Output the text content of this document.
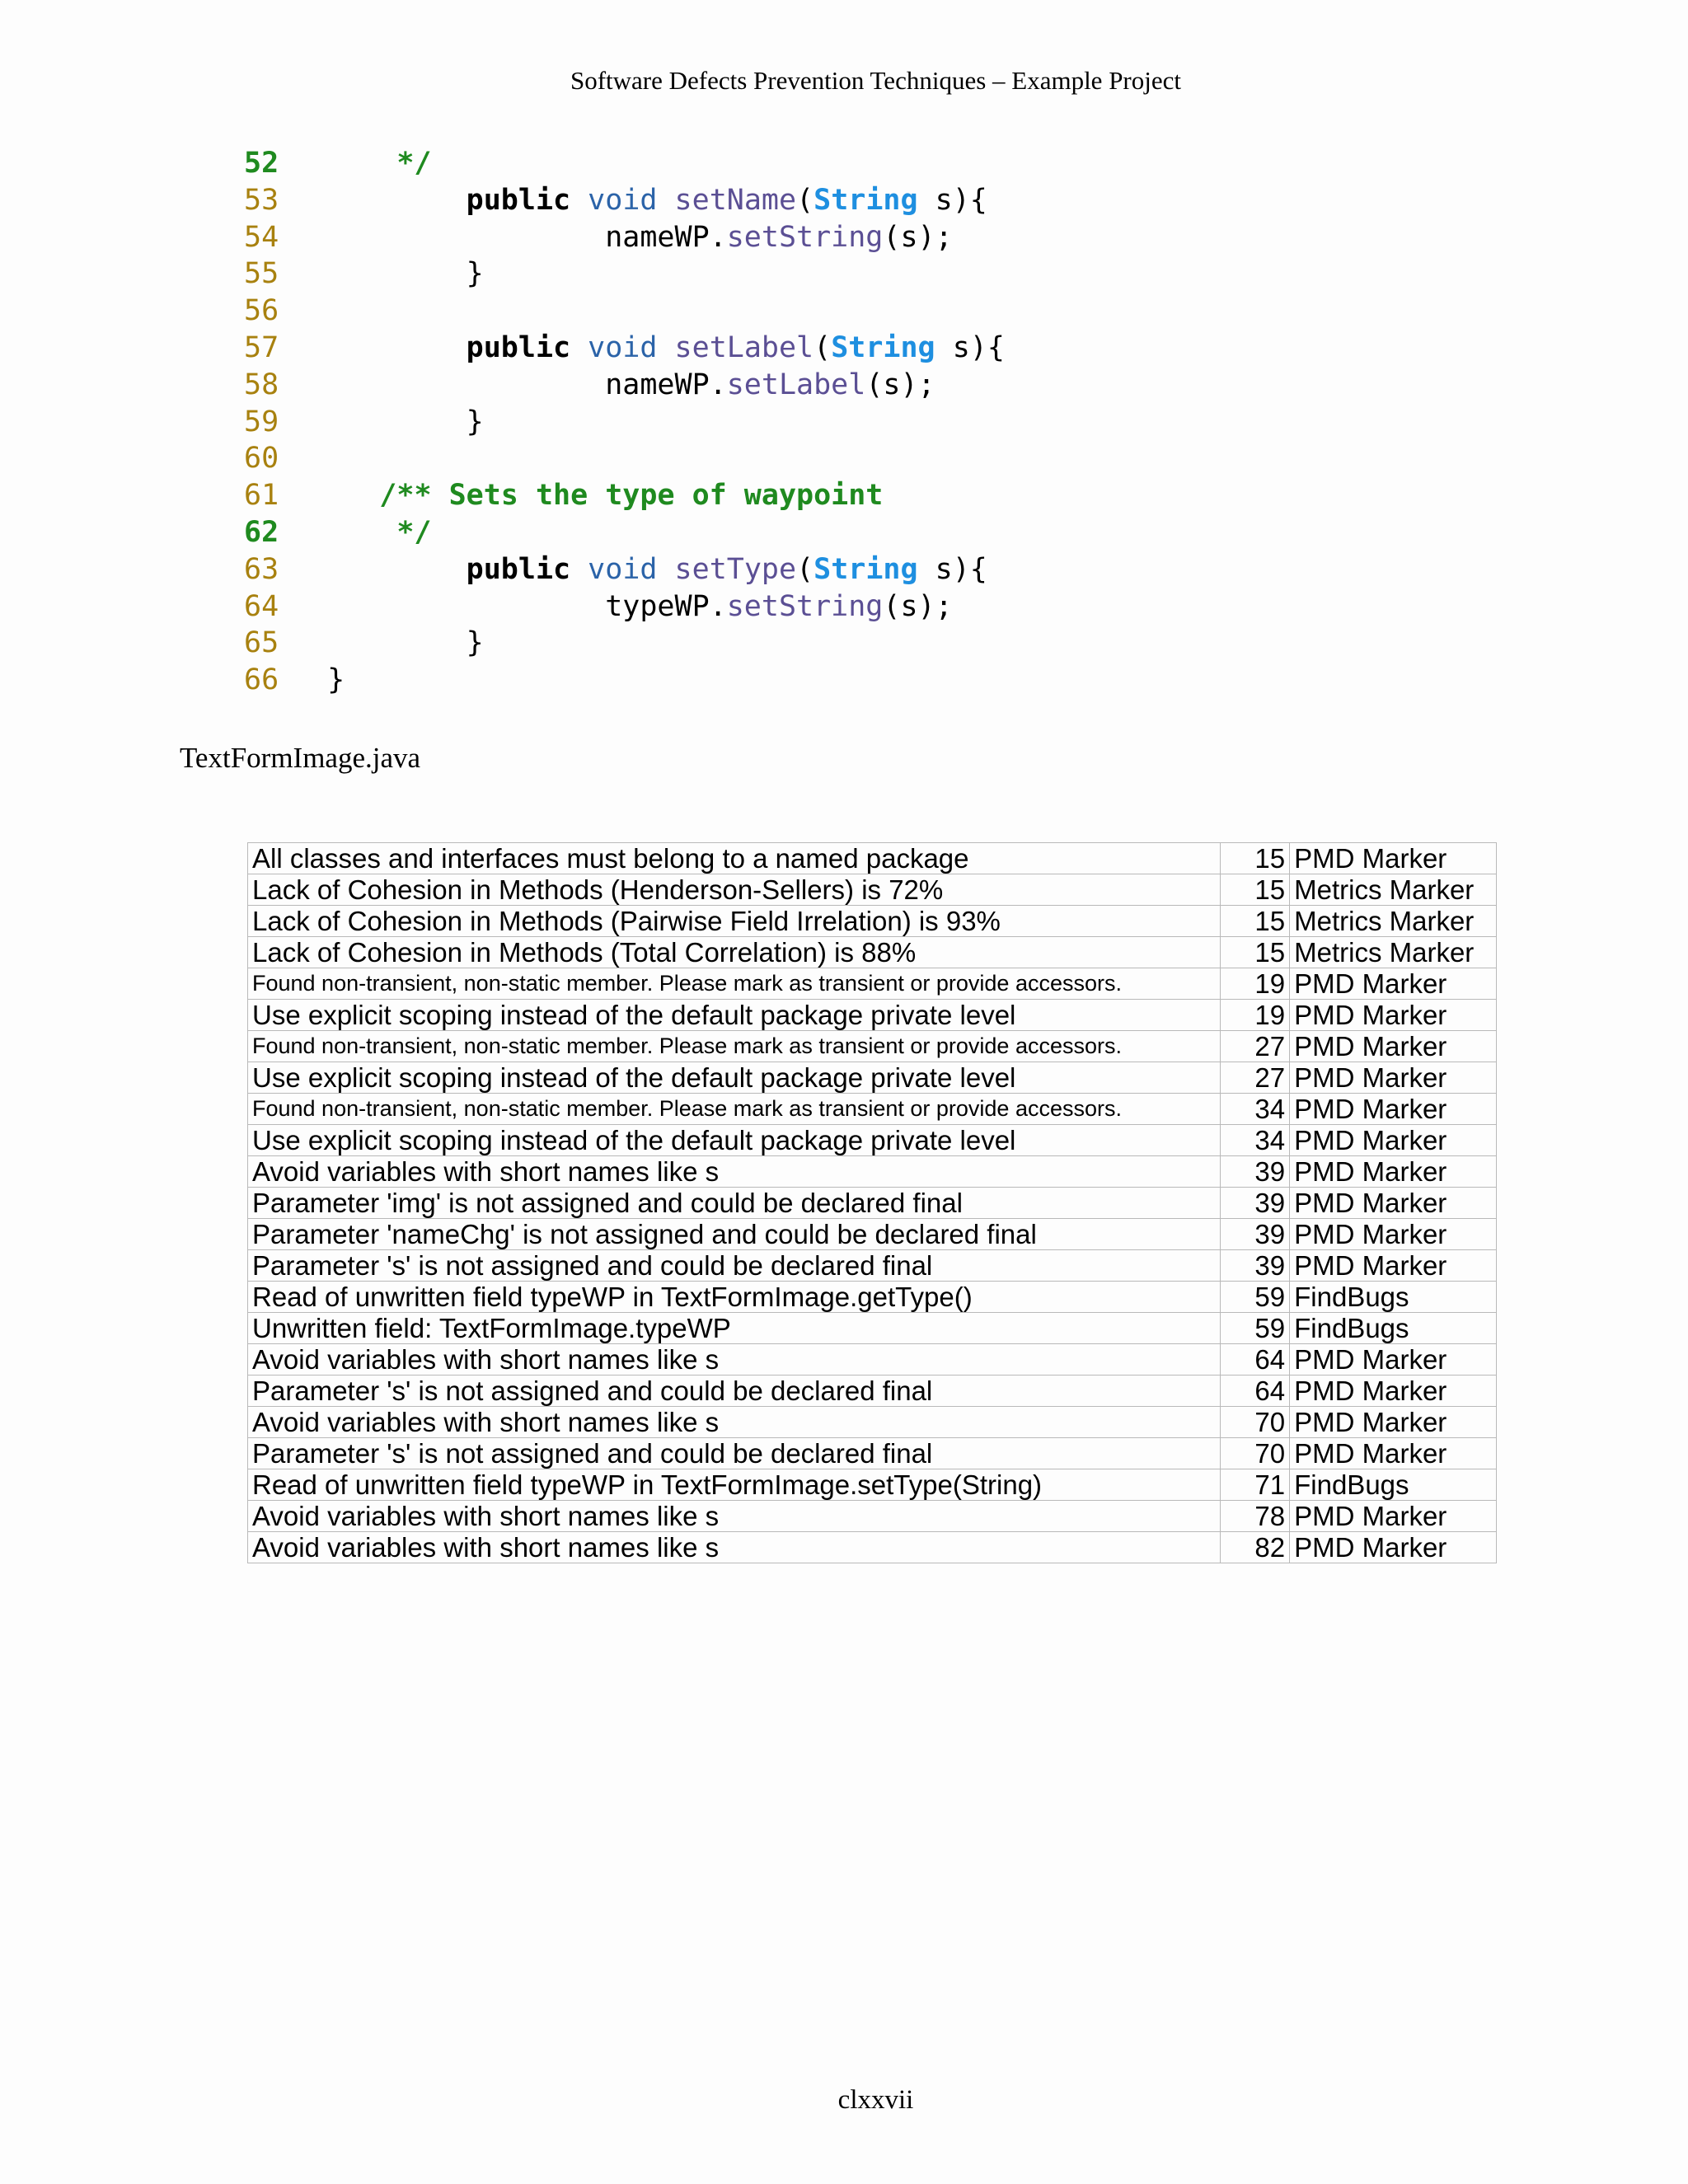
Software Defects Prevention Techniques – Example Project
52	*/
53	public void setName(String s){
54                 nameWP.setString(s);
55         }
56
57	public void setLabel(String s){
58                 nameWP.setLabel(s);
59         }
60
61	/** Sets the type of waypoint
62	*/
63	public void setType(String s){
64                 typeWP.setString(s);
65         }
66 }
TextFormImage.java
All classes and interfaces must belong to a named package	15	PMD Marker
Lack of Cohesion in Methods (Henderson-Sellers) is 72%	15	Metrics Marker
Lack of Cohesion in Methods (Pairwise Field Irrelation) is 93%	15	Metrics Marker
Lack of Cohesion in Methods (Total Correlation) is 88%	15	Metrics Marker
Found non-transient, non-static member. Please mark as transient or provide accessors.	19	PMD Marker
Use explicit scoping instead of the default package private level	19	PMD Marker
Found non-transient, non-static member. Please mark as transient or provide accessors.	27	PMD Marker
Use explicit scoping instead of the default package private level	27	PMD Marker
Found non-transient, non-static member. Please mark as transient or provide accessors.	34	PMD Marker
Use explicit scoping instead of the default package private level	34	PMD Marker
Avoid variables with short names like s	39	PMD Marker
Parameter 'img' is not assigned and could be declared final	39	PMD Marker
Parameter 'nameChg' is not assigned and could be declared final	39	PMD Marker
Parameter 's' is not assigned and could be declared final	39	PMD Marker
Read of unwritten field typeWP in TextFormImage.getType()	59	FindBugs
Unwritten field: TextFormImage.typeWP	59	FindBugs
Avoid variables with short names like s	64	PMD Marker
Parameter 's' is not assigned and could be declared final	64	PMD Marker
Avoid variables with short names like s	70	PMD Marker
Parameter 's' is not assigned and could be declared final	70	PMD Marker
Read of unwritten field typeWP in TextFormImage.setType(String)	71	FindBugs
Avoid variables with short names like s	78	PMD Marker
Avoid variables with short names like s	82	PMD Marker
clxxvii
